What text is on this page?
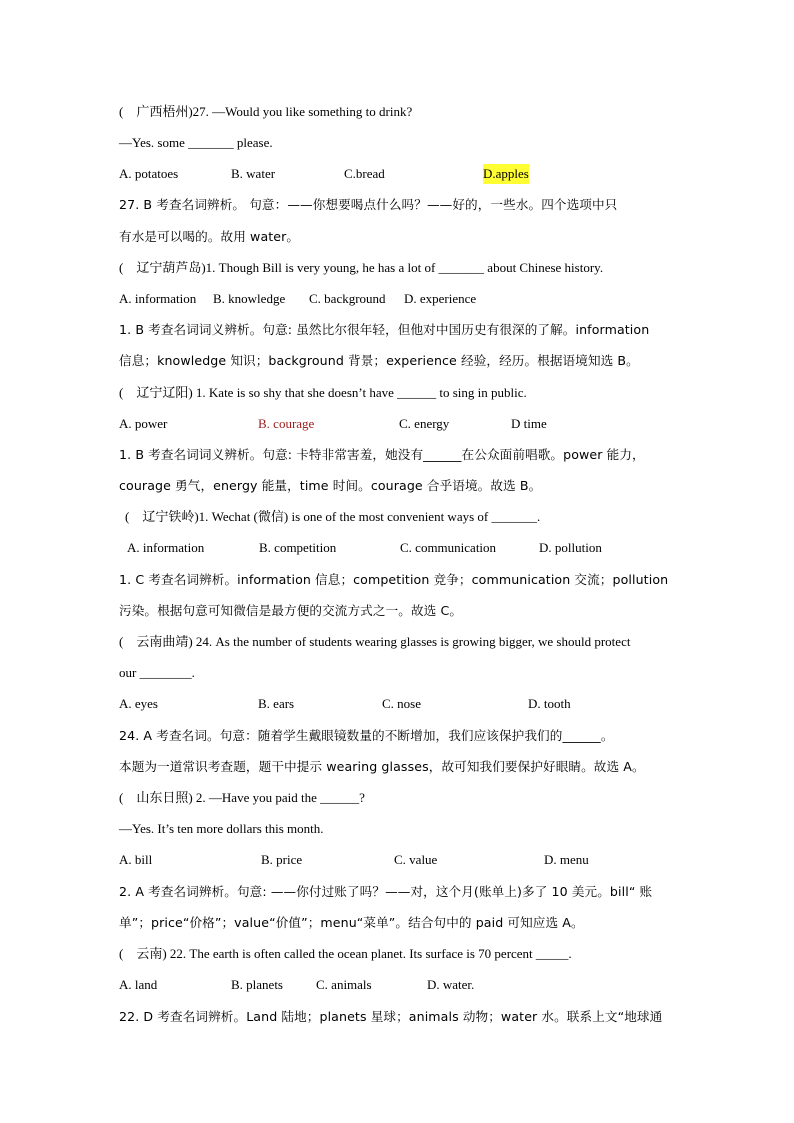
(　广西梧州)27. —Would you like something to drink?
—Yes. some _______ please.
A. potatoes	B. water	C.bread	D.apples
27. B 考查名词辨析。 句意：——你想要喝点什么吗？——好的，一些水。四个选项中只
有水是可以喝的。故用 water。
(　辽宁葫芦岛)1. Though Bill is very young, he has a lot of _______ about Chinese history.
A. information B. knowledge C. background D. experience
1. B 考查名词词义辨析。句意: 虽然比尔很年轻，但他对中国历史有很深的了解。information
信息；knowledge 知识；background 背景；experience 经验，经历。根据语境知选 B。
(　辽宁辽阳) 1. Kate is so shy that she doesn’t have ______ to sing in public.
A. power	B. courage	C. energy	D time
1. B 考查名词词义辨析。句意: 卡特非常害羞，她没有______在公众面前唱歌。power 能力，
courage 勇气，energy 能量，time 时间。courage 合乎语境。故选 B。
(　辽宁铁岭)1. Wechat (微信) is one of the most convenient ways of _______.
A. information	B. competition	C. communication	D. pollution
1. C 考查名词辨析。information 信息；competition 竞争；communication 交流；pollution
污染。根据句意可知微信是最方便的交流方式之一。故选 C。
(　云南曲靖) 24. As the number of students wearing glasses is growing bigger, we should protect
our ________.
A. eyes	B. ears	C. nose	D. tooth
24. A 考查名词。句意：随着学生戴眼镜数量的不断增加，我们应该保护我们的______。
本题为一道常识考查题，题干中提示 wearing glasses，故可知我们要保护好眼睛。故选 A。
(　山东日照) 2. —Have you paid the ______?
—Yes. It’s ten more dollars this month.
A. bill	B. price	C. value	D. menu
2. A 考查名词辨析。句意: ——你付过账了吗？——对，这个月(账单上)多了 10 美元。bill“ 账
单”；price“价格”；value“价值”；menu“菜单”。结合句中的 paid 可知应选 A。
(　云南) 22. The earth is often called the ocean planet. Its surface is 70 percent _____.
A. land	B. planets	C. animals	D. water.
22. D 考查名词辨析。Land 陆地；planets 星球；animals 动物；water 水。联系上文“地球通
